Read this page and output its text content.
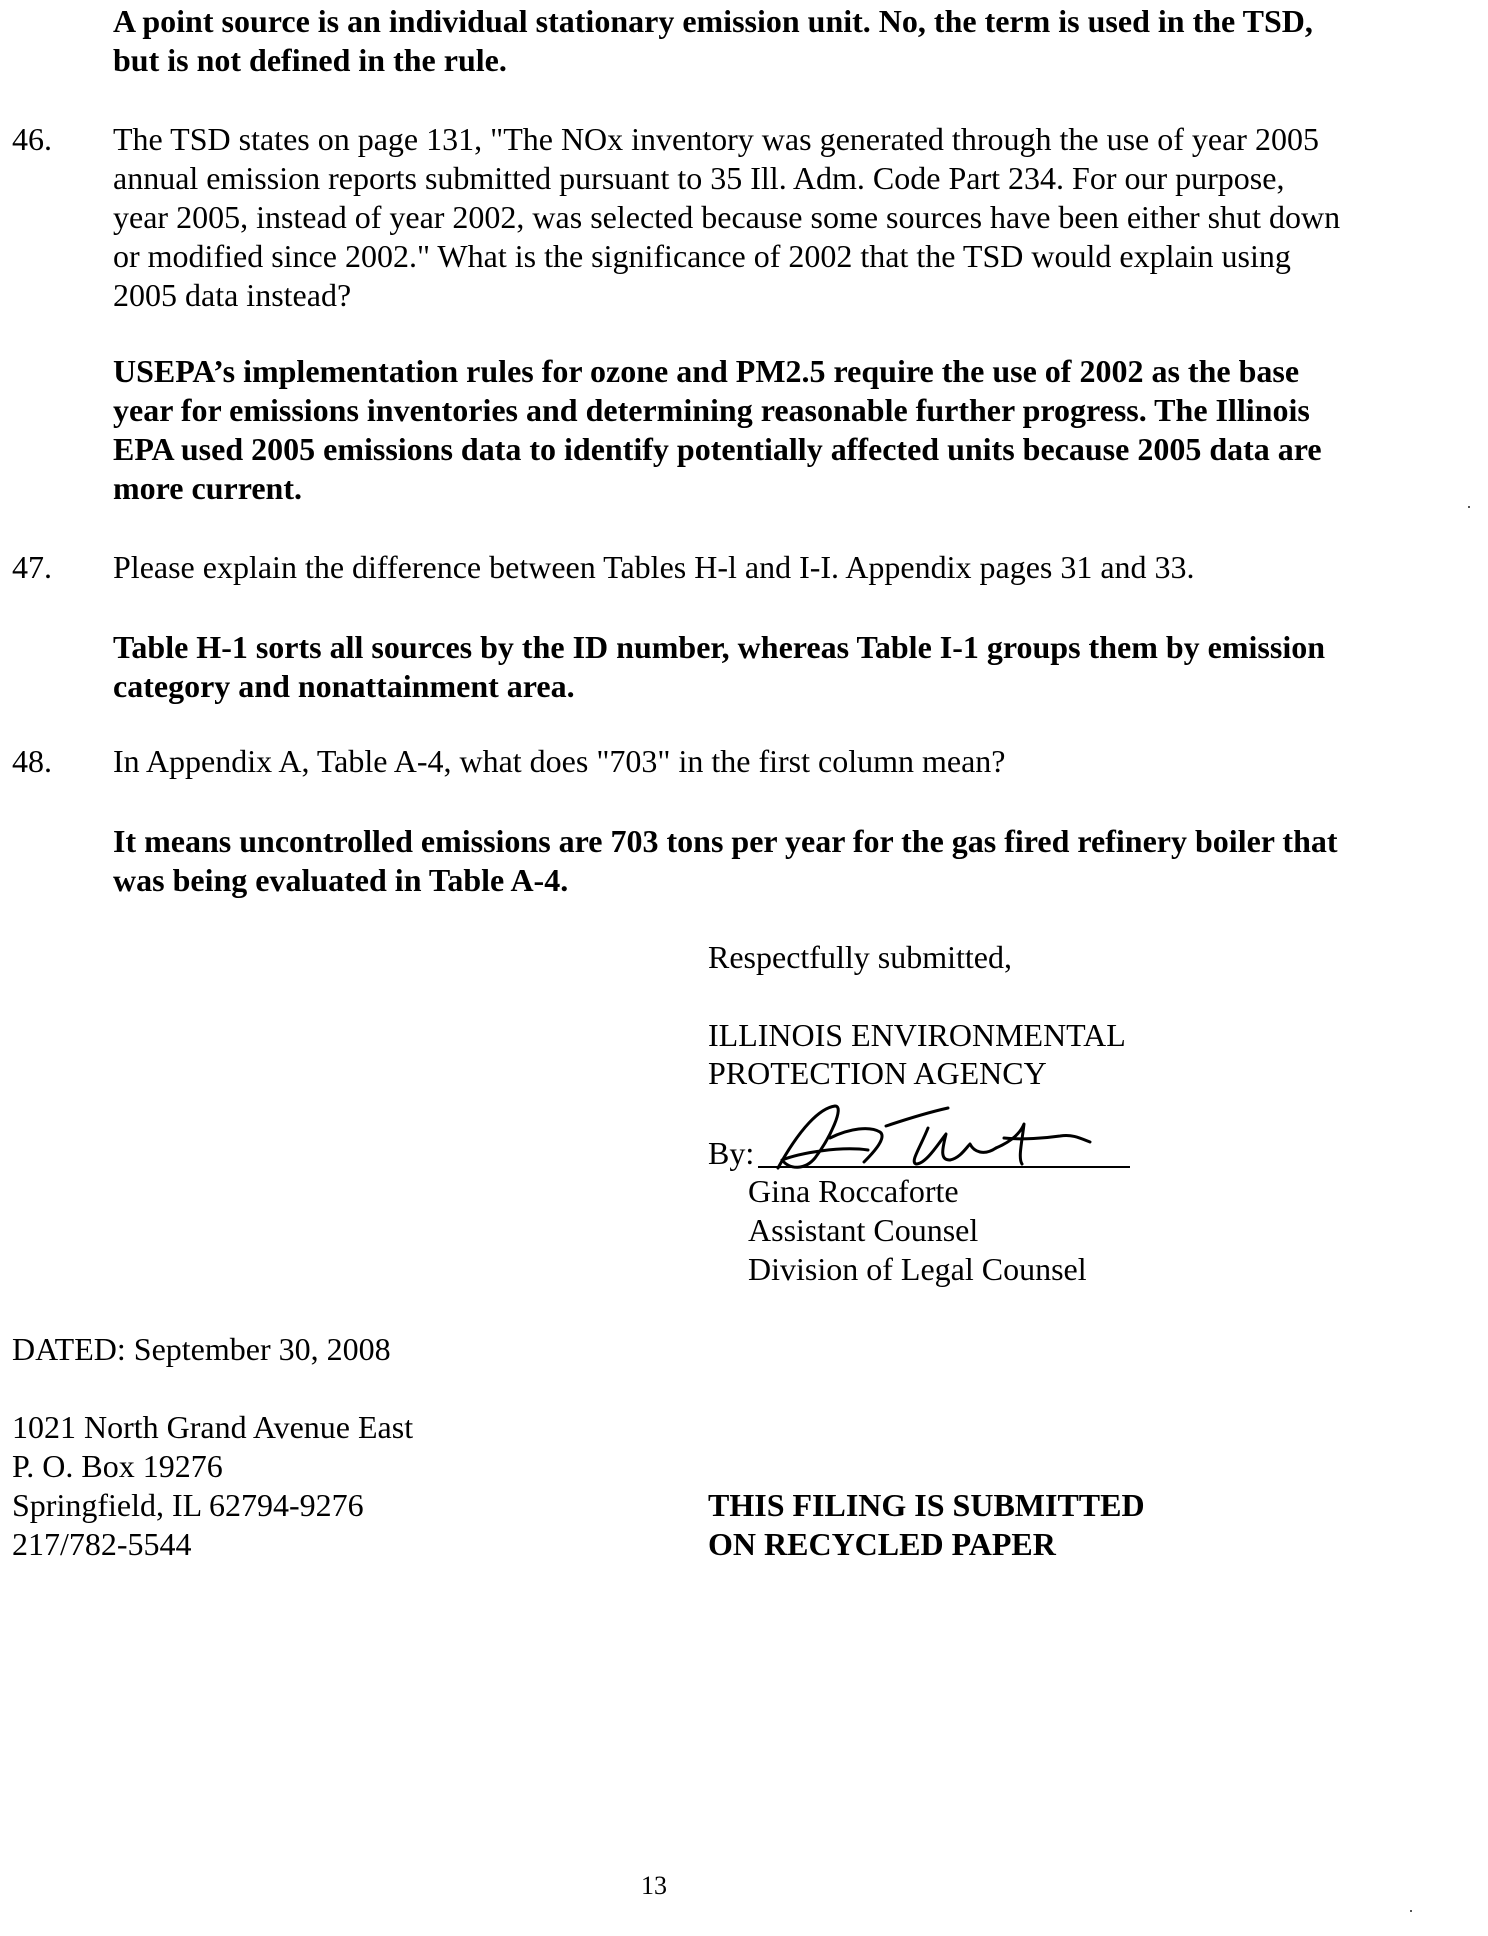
A point source is an individual stationary emission unit. No, the term is used in the TSD, but is not defined in the rule.

46. The TSD states on page 131, "The NOx inventory was generated through the use of year 2005 annual emission reports submitted pursuant to 35 Ill. Adm. Code Part 234. For our purpose, year 2005, instead of year 2002, was selected because some sources have been either shut down or modified since 2002." What is the significance of 2002 that the TSD would explain using 2005 data instead?

USEPA’s implementation rules for ozone and PM2.5 require the use of 2002 as the base year for emissions inventories and determining reasonable further progress. The Illinois EPA used 2005 emissions data to identify potentially affected units because 2005 data are more current.

47. Please explain the difference between Tables H-l and I-I. Appendix pages 31 and 33.

Table H-1 sorts all sources by the ID number, whereas Table I-1 groups them by emission category and nonattainment area.

48. In Appendix A, Table A-4, what does "703" in the first column mean?

It means uncontrolled emissions are 703 tons per year for the gas fired refinery boiler that was being evaluated in Table A-4.

Respectfully submitted,
ILLINOIS ENVIRONMENTAL
PROTECTION AGENCY
By:
Gina Roccaforte
Assistant Counsel
Division of Legal Counsel
DATED: September 30, 2008
1021 North Grand Avenue East
P. O. Box 19276
Springfield, IL 62794-9276
217/782-5544
THIS FILING IS SUBMITTED
ON RECYCLED PAPER
13
